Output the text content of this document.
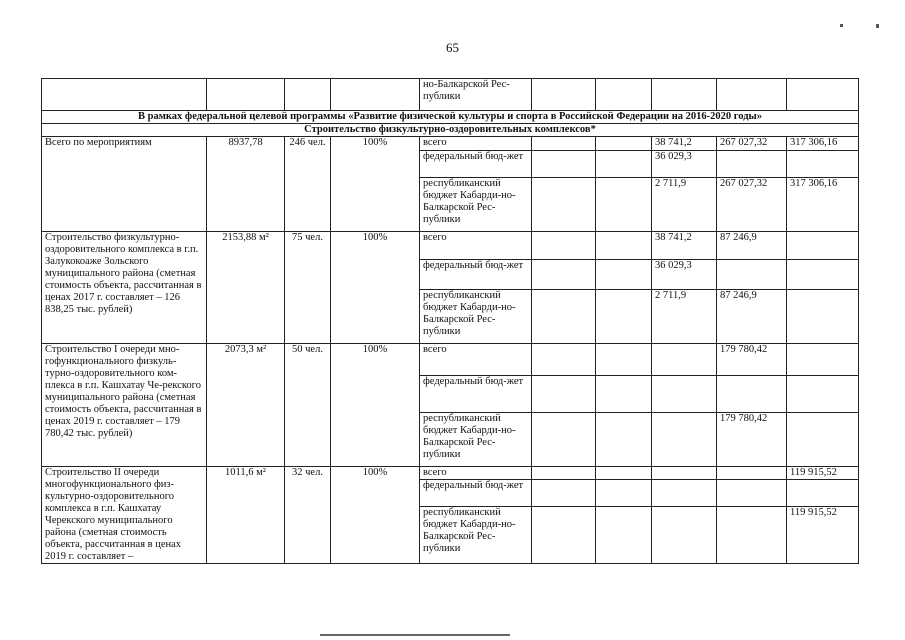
65
				но-Балкарской Рес-публики					
В рамках федеральной целевой программы «Развитие физической культуры и спорта в Российской Федерации на 2016-2020 годы»									
Строительство физкультурно-оздоровительных комплексов*									
Всего по мероприятиям	8937,78	246 чел.	100%	всего			38 741,2	267 027,32	317 306,16
				федеральный бюд-жет			36 029,3		
				республиканский бюджет Кабарди-но-Балкарской Рес-публики			2 711,9	267 027,32	317 306,16
Строительство физкультурно-оздоровительного комплекса в г.п. Залукокоаже Зольского муниципального района (сметная стоимость объекта, рассчитанная в ценах 2017 г. составляет – 126 838,25 тыс. рублей)	2153,88 м²	75 чел.	100%	всего			38 741,2	87 246,9	
				федеральный бюд-жет			36 029,3		
				республиканский бюджет Кабарди-но-Балкарской Рес-публики			2 711,9	87 246,9	
Строительство I очереди мно-гофункционального физкуль-турно-оздоровительного ком-плекса в г.п. Кашхатау Че-рекского муниципального района (сметная стоимость объекта, рассчитанная в ценах 2019 г. составляет – 179 780,42 тыс. рублей)	2073,3 м²	50 чел.	100%	всего				179 780,42	
				федеральный бюд-жет					
				республиканский бюджет Кабарди-но-Балкарской Рес-публики				179 780,42	
Строительство II очереди многофункционального физ-культурно-оздоровительного комплекса в г.п. Кашхатау Черекского муниципального района (сметная стоимость объекта, рассчитанная в ценах 2019 г. составляет –	1011,6 м²	32 чел.	100%	всего					119 915,52
				федеральный бюд-жет					
				республиканский бюджет Кабарди-но-Балкарской Рес-публики					119 915,52
